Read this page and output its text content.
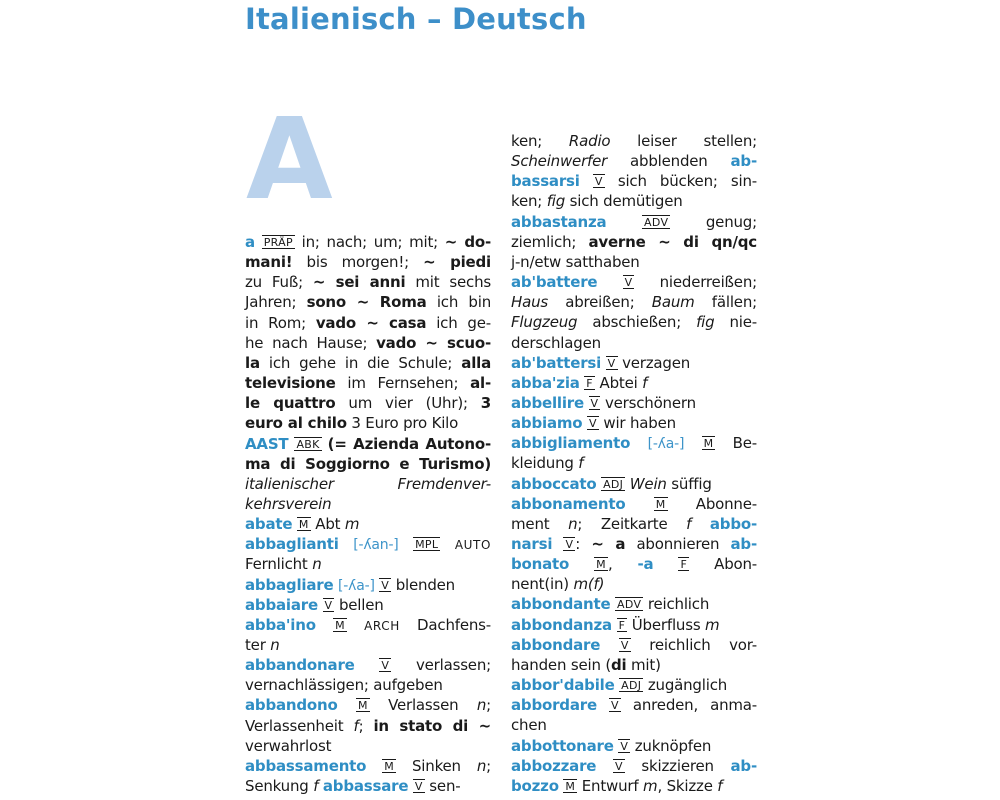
Italienisch – Deutsch
A
a PRÄP in; nach; um; mit; ~ do-
mani! bis morgen!; ~ piedi
zu Fuß; ~ sei anni mit sechs
Jahren; sono ~ Roma ich bin
in Rom; vado ~ casa ich ge-
he nach Hause; vado ~ scuo-
la ich gehe in die Schule; alla
televisione im Fernsehen; al-
le quattro um vier (Uhr); 3
euro al chilo 3 Euro pro Kilo
AAST ABK (= Azienda Autono-
ma di Soggiorno e Turismo)
italienischer Fremdenver-
kehrsverein
abate M Abt m
abbaglianti [-ʎan-] MPL AUTO
Fernlicht n
abbagliare [-ʎa-] V blenden
abbaiare V bellen
abba'ino M ARCH Dachfens-
ter n
abbandonare V verlassen;
vernachlässigen; aufgeben
abbandono M Verlassen n;
Verlassenheit f; in stato di ~
verwahrlost
abbassamento M Sinken n;
Senkung f abbassare V sen-
ken; Radio leiser stellen;
Scheinwerfer abblenden ab-
bassarsi V sich bücken; sin-
ken; fig sich demütigen
abbastanza	ADV genug;
ziemlich; averne ~ di qn/qc
j-n/etw satthaben
ab'battere V niederreißen;
Haus abreißen; Baum fällen;
Flugzeug abschießen; fig nie-
derschlagen
ab'battersi V verzagen
abba'zia F Abtei f
abbellire V verschönern
abbiamo V wir haben
abbigliamento [-ʎa-] M Be-
kleidung f
abboccato ADJ Wein süffig
abbonamento	M Abonne-
ment n; Zeitkarte f abbo-
narsi V : ~ a abonnieren ab-
bonato M , -a F Abon-
nent(in) m(f)
abbondante ADV reichlich
abbondanza F Überfluss m
abbondare V reichlich vor-
handen sein (di mit)
abbor'dabile ADJ zugänglich
abbordare V anreden, anma-
chen
abbottonare V zuknöpfen
abbozzare V skizzieren ab-
bozzo M Entwurf m, Skizze f
